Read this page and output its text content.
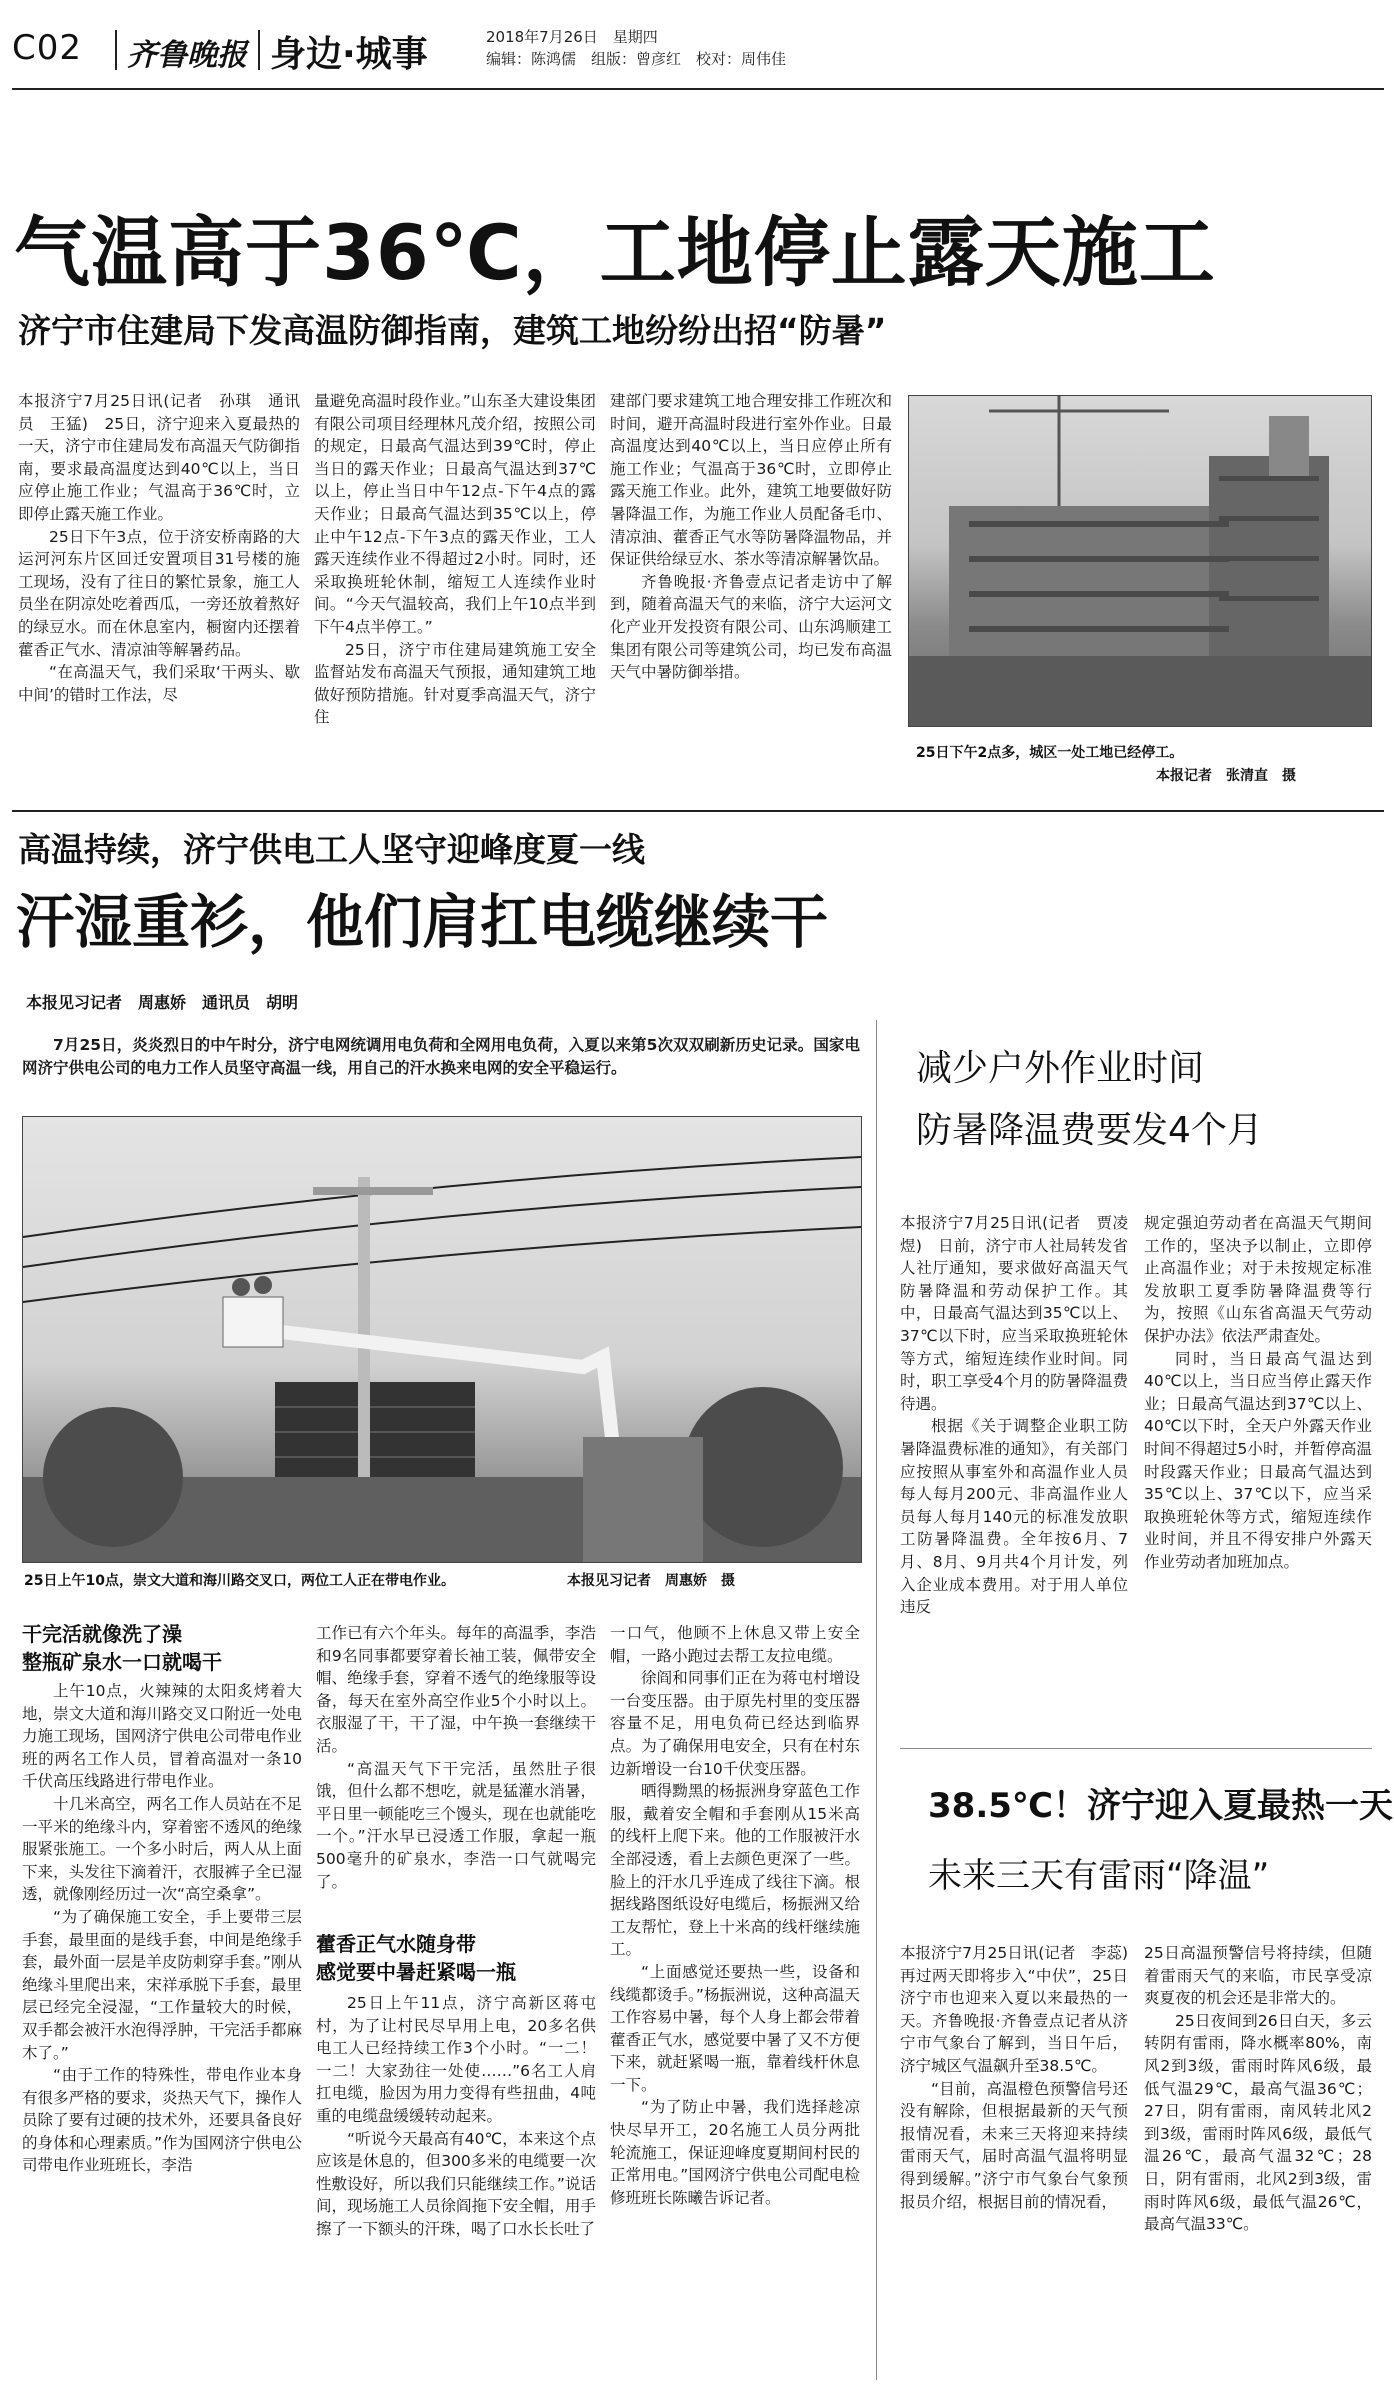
C02 齐鲁晚报 身边·城事	2018年7月26日　星期四
编辑：陈鸿儒　组版：曾彦红　校对：周伟佳
气温高于36℃，工地停止露天施工
济宁市住建局下发高温防御指南，建筑工地纷纷出招“防暑”

本报济宁7月25日讯(记者　孙琪　通讯员　王猛)　25日，济宁迎来入夏最热的一天，济宁市住建局发布高温天气防御指南，要求最高温度达到40℃以上，当日应停止施工作业；气温高于36℃时，立即停止露天施工作业。

25日下午3点，位于济安桥南路的大运河河东片区回迁安置项目31号楼的施工现场，没有了往日的繁忙景象，施工人员坐在阴凉处吃着西瓜，一旁还放着熬好的绿豆水。而在休息室内，橱窗内还摆着藿香正气水、清凉油等解暑药品。

“在高温天气，我们采取‘干两头、歇中间’的错时工作法，尽

量避免高温时段作业。”山东圣大建设集团有限公司项目经理林凡茂介绍，按照公司的规定，日最高气温达到39℃时，停止当日的露天作业；日最高气温达到37℃以上，停止当日中午12点-下午4点的露天作业；日最高气温达到35℃以上，停止中午12点-下午3点的露天作业，工人露天连续作业不得超过2小时。同时，还采取换班轮休制，缩短工人连续作业时间。“今天气温较高，我们上午10点半到下午4点半停工。”

25日，济宁市住建局建筑施工安全监督站发布高温天气预报，通知建筑工地做好预防措施。针对夏季高温天气，济宁住

建部门要求建筑工地合理安排工作班次和时间，避开高温时段进行室外作业。日最高温度达到40℃以上，当日应停止所有施工作业；气温高于36℃时，立即停止露天施工作业。此外，建筑工地要做好防暑降温工作，为施工作业人员配备毛巾、清凉油、藿香正气水等防暑降温物品，并保证供给绿豆水、茶水等清凉解暑饮品。

齐鲁晚报·齐鲁壹点记者走访中了解到，随着高温天气的来临，济宁大运河文化产业开发投资有限公司、山东鸿顺建工集团有限公司等建筑公司，均已发布高温天气中暑防御举措。

25日下午2点多，城区一处工地已经停工。
本报记者　张清直　摄
高温持续，济宁供电工人坚守迎峰度夏一线
汗湿重衫，他们肩扛电缆继续干
本报见习记者　周惠娇　通讯员　胡明

7月25日，炎炎烈日的中午时分，济宁电网统调用电负荷和全网用电负荷，入夏以来第5次双双刷新历史记录。国家电网济宁供电公司的电力工作人员坚守高温一线，用自己的汗水换来电网的安全平稳运行。

25日上午10点，崇文大道和海川路交叉口，两位工人正在带电作业。	本报见习记者　周惠娇　摄
干完活就像洗了澡
整瓶矿泉水一口就喝干

上午10点，火辣辣的太阳炙烤着大地，崇文大道和海川路交叉口附近一处电力施工现场，国网济宁供电公司带电作业班的两名工作人员，冒着高温对一条10千伏高压线路进行带电作业。

十几米高空，两名工作人员站在不足一平米的绝缘斗内，穿着密不透风的绝缘服紧张施工。一个多小时后，两人从上面下来，头发往下滴着汗，衣服裤子全已湿透，就像刚经历过一次“高空桑拿”。

“为了确保施工安全，手上要带三层手套，最里面的是线手套，中间是绝缘手套，最外面一层是羊皮防刺穿手套。”刚从绝缘斗里爬出来，宋祥承脱下手套，最里层已经完全浸湿，“工作量较大的时候，双手都会被汗水泡得浮肿，干完活手都麻木了。”

“由于工作的特殊性，带电作业本身有很多严格的要求，炎热天气下，操作人员除了要有过硬的技术外，还要具备良好的身体和心理素质。”作为国网济宁供电公司带电作业班班长，李浩

工作已有六个年头。每年的高温季，李浩和9名同事都要穿着长袖工装，佩带安全帽、绝缘手套，穿着不透气的绝缘服等设备，每天在室外高空作业5个小时以上。衣服湿了干，干了湿，中午换一套继续干活。

“高温天气下干完活，虽然肚子很饿，但什么都不想吃，就是猛灌水消暑，平日里一顿能吃三个馒头，现在也就能吃一个。”汗水早已浸透工作服，拿起一瓶500毫升的矿泉水，李浩一口气就喝完了。

藿香正气水随身带
感觉要中暑赶紧喝一瓶

25日上午11点，济宁高新区蒋屯村，为了让村民尽早用上电，20多名供电工人已经持续工作3个小时。“一二！一二！大家劲往一处使……”6名工人肩扛电缆，脸因为用力变得有些扭曲，4吨重的电缆盘缓缓转动起来。

“听说今天最高有40℃，本来这个点应该是休息的，但300多米的电缆要一次性敷设好，所以我们只能继续工作。”说话间，现场施工人员徐阎拖下安全帽，用手擦了一下额头的汗珠，喝了口水长长吐了

一口气，他顾不上休息又带上安全帽，一路小跑过去帮工友拉电缆。

徐阎和同事们正在为蒋屯村增设一台变压器。由于原先村里的变压器容量不足，用电负荷已经达到临界点。为了确保用电安全，只有在村东边新增设一台10千伏变压器。

晒得黝黑的杨振洲身穿蓝色工作服，戴着安全帽和手套刚从15米高的线杆上爬下来。他的工作服被汗水全部浸透，看上去颜色更深了一些。脸上的汗水几乎连成了线往下滴。根据线路图纸设好电缆后，杨振洲又给工友帮忙，登上十米高的线杆继续施工。

“上面感觉还要热一些，设备和线缆都烫手。”杨振洲说，这种高温天工作容易中暑，每个人身上都会带着藿香正气水，感觉要中暑了又不方便下来，就赶紧喝一瓶，靠着线杆休息一下。

“为了防止中暑，我们选择趁凉快尽早开工，20名施工人员分两批轮流施工，保证迎峰度夏期间村民的正常用电。”国网济宁供电公司配电检修班班长陈曦告诉记者。

减少户外作业时间
防暑降温费要发4个月

本报济宁7月25日讯(记者　贾凌煜)　日前，济宁市人社局转发省人社厅通知，要求做好高温天气防暑降温和劳动保护工作。其中，日最高气温达到35℃以上、37℃以下时，应当采取换班轮休等方式，缩短连续作业时间。同时，职工享受4个月的防暑降温费待遇。

根据《关于调整企业职工防暑降温费标准的通知》，有关部门应按照从事室外和高温作业人员每人每月200元、非高温作业人员每人每月140元的标准发放职工防暑降温费。全年按6月、7月、8月、9月共4个月计发，列入企业成本费用。对于用人单位违反

规定强迫劳动者在高温天气期间工作的，坚决予以制止，立即停止高温作业；对于未按规定标准发放职工夏季防暑降温费等行为，按照《山东省高温天气劳动保护办法》依法严肃查处。

同时，当日最高气温达到40℃以上，当日应当停止露天作业；日最高气温达到37℃以上、40℃以下时，全天户外露天作业时间不得超过5小时，并暂停高温时段露天作业；日最高气温达到35℃以上、37℃以下，应当采取换班轮休等方式，缩短连续作业时间，并且不得安排户外露天作业劳动者加班加点。

38.5℃！济宁迎入夏最热一天
未来三天有雷雨“降温”

本报济宁7月25日讯(记者　李蕊)　再过两天即将步入“中伏”，25日济宁市也迎来入夏以来最热的一天。齐鲁晚报·齐鲁壹点记者从济宁市气象台了解到，当日午后，济宁城区气温飙升至38.5℃。

“目前，高温橙色预警信号还没有解除，但根据最新的天气预报情况看，未来三天将迎来持续雷雨天气，届时高温气温将明显得到缓解。”济宁市气象台气象预报员介绍，根据目前的情况看，

25日高温预警信号将持续，但随着雷雨天气的来临，市民享受凉爽夏夜的机会还是非常大的。

25日夜间到26日白天，多云转阴有雷雨，降水概率80%，南风2到3级，雷雨时阵风6级，最低气温29℃，最高气温36℃；27日，阴有雷雨，南风转北风2到3级，雷雨时阵风6级，最低气温26℃，最高气温32℃；28日，阴有雷雨，北风2到3级，雷雨时阵风6级，最低气温26℃，最高气温33℃。
